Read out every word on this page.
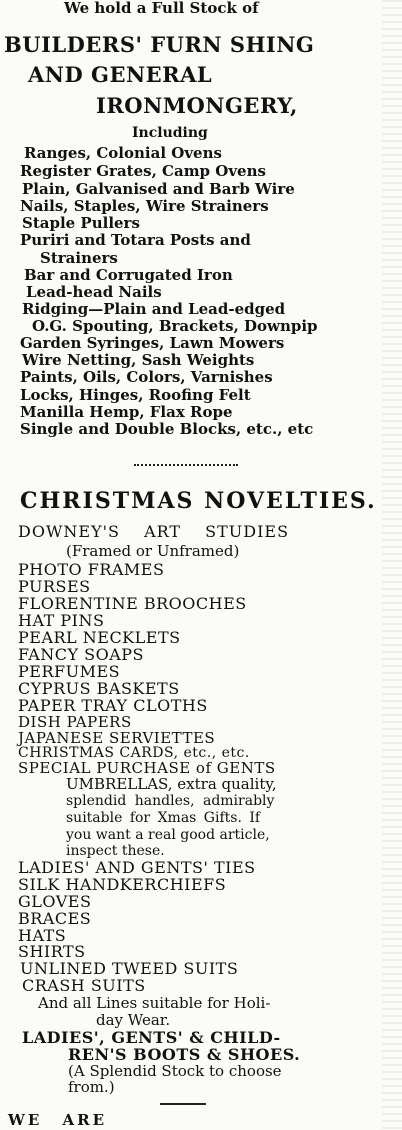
We hold a Full Stock of
BUILDERS' FURN SHING
AND GENERAL
IRONMONGERY,
Including
Ranges, Colonial Ovens
Register Grates, Camp Ovens
Plain, Galvanised and Barb Wire
Nails, Staples, Wire Strainers
Staple Pullers
Puriri and Totara Posts and
Strainers
Bar and Corrugated Iron
Lead-head Nails
Ridging—Plain and Lead-edged
O.G. Spouting, Brackets, Downpip
Garden Syringes, Lawn Mowers
Wire Netting, Sash Weights
Paints, Oils, Colors, Varnishes
Locks, Hinges, Roofing Felt
Manilla Hemp, Flax Rope
Single and Double Blocks, etc., etc
CHRISTMAS NOVELTIES.
DOWNEY'S ART STUDIES
(Framed or Unframed)
PHOTO FRAMES
PURSES
FLORENTINE BROOCHES
HAT PINS
PEARL NECKLETS
FANCY SOAPS
PERFUMES
CYPRUS BASKETS
PAPER TRAY CLOTHS
DISH PAPERS
JAPANESE SERVIETTES
CHRISTMAS CARDS, etc., etc.
SPECIAL PURCHASE of GENTS
UMBRELLAS, extra quality,
splendid handles, admirably
suitable for Xmas Gifts. If
you want a real good article,
inspect these.
LADIES' AND GENTS' TIES
SILK HANDKERCHIEFS
GLOVES
BRACES
HATS
SHIRTS
UNLINED TWEED SUITS
CRASH SUITS
And all Lines suitable for Holi-
day Wear.
LADIES', GENTS' & CHILD-
REN'S BOOTS & SHOES.
(A Splendid Stock to choose
from.)
WE ARE
